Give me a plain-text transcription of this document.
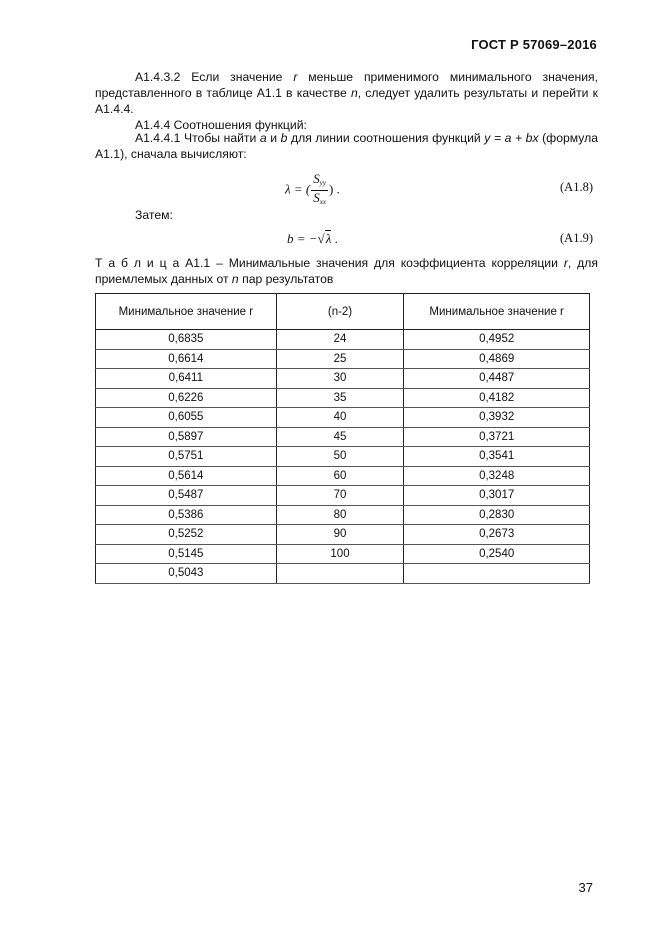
ГОСТ Р 57069–2016
А1.4.3.2 Если значение r меньше применимого минимального значения, представленного в таблице А1.1 в качестве n, следует удалить результаты и перейти к А1.4.4.
А1.4.4 Соотношения функций:
А1.4.4.1 Чтобы найти a и b для линии соотношения функций y = a + bx (формула А1.1), сначала вычисляют:
λ = ( $\frac{S_{yy}}{S_{xx}}$ ) .	(А1.8)
Затем:
b = −√λ .	(А1.9)
Т а б л и ц а А1.1 – Минимальные значения для коэффициента корреляции r, для приемлемых данных от n пар результатов
Минимальное значение r	(n-2)	Минимальное значение r
0,6835	24	0,4952
0,6614	25	0,4869
0,6411	30	0,4487
0,6226	35	0,4182
0,6055	40	0,3932
0,5897	45	0,3721
0,5751	50	0,3541
0,5614	60	0,3248
0,5487	70	0,3017
0,5386	80	0,2830
0,5252	90	0,2673
0,5145	100	0,2540
0,5043		
37
